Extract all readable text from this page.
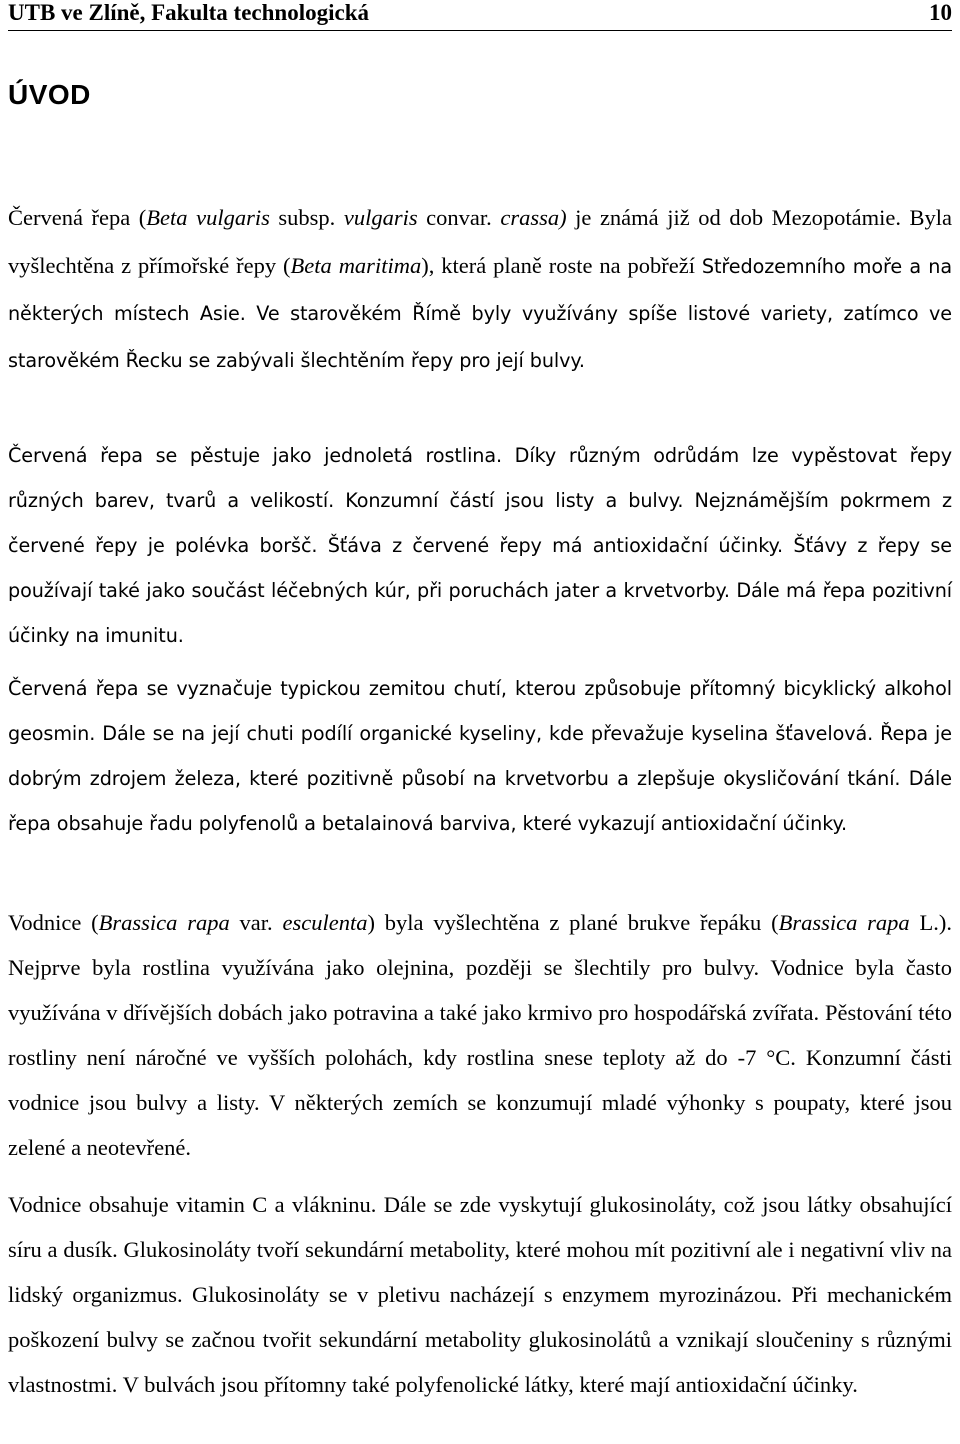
UTB ve Zlíně, Fakulta technologická	10
ÚVOD

Červená řepa (Beta vulgaris subsp. vulgaris convar. crassa) je známá již od dob Mezopotámie. Byla vyšlechtěna z přímořské řepy (Beta maritima), která planě roste na pobřeží Středozemního moře a na některých místech Asie. Ve starověkém Římě byly využívány spíše listové variety, zatímco ve starověkém Řecku se zabývali šlechtěním řepy pro její bulvy.

Červená řepa se pěstuje jako jednoletá rostlina. Díky různým odrůdám lze vypěstovat řepy různých barev, tvarů a velikostí. Konzumní částí jsou listy a bulvy. Nejznámějším pokrmem z červené řepy je polévka boršč. Šťáva z červené řepy má antioxidační účinky. Šťávy z řepy se používají také jako součást léčebných kúr, při poruchách jater a krvetvorby. Dále má řepa pozitivní účinky na imunitu.

Červená řepa se vyznačuje typickou zemitou chutí, kterou způsobuje přítomný bicyklický alkohol geosmin. Dále se na její chuti podílí organické kyseliny, kde převažuje kyselina šťavelová. Řepa je dobrým zdrojem železa, které pozitivně působí na krvetvorbu a zlepšuje okysličování tkání. Dále řepa obsahuje řadu polyfenolů a betalainová barviva, které vykazují antioxidační účinky.

Vodnice (Brassica rapa var. esculenta) byla vyšlechtěna z plané brukve řepáku (Brassica rapa L.). Nejprve byla rostlina využívána jako olejnina, později se šlechtily pro bulvy. Vodnice byla často využívána v dřívějších dobách jako potravina a také jako krmivo pro hospodářská zvířata. Pěstování této rostliny není náročné ve vyšších polohách, kdy rostlina snese teploty až do -7 °C. Konzumní části vodnice jsou bulvy a listy. V některých zemích se konzumují mladé výhonky s poupaty, které jsou zelené a neotevřené.

Vodnice obsahuje vitamin C a vlákninu. Dále se zde vyskytují glukosinoláty, což jsou látky obsahující síru a dusík. Glukosinoláty tvoří sekundární metabolity, které mohou mít pozitivní ale i negativní vliv na lidský organizmus. Glukosinoláty se v pletivu nacházejí s enzymem myrozinázou. Při mechanickém poškození bulvy se začnou tvořit sekundární metabolity glukosinolátů a vznikají sloučeniny s různými vlastnostmi. V bulvách jsou přítomny také polyfenolické látky, které mají antioxidační účinky.
